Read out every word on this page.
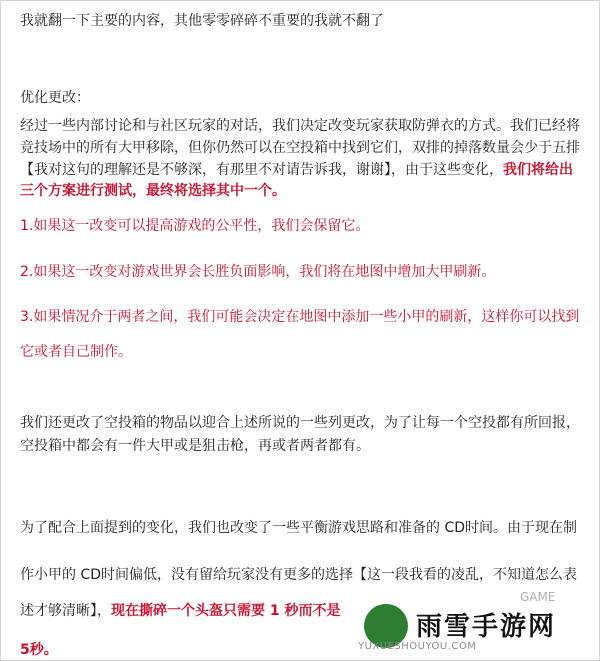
我就翻一下主要的内容，其他零零碎碎不重要的我就不翻了
优化更改：
经过一些内部讨论和与社区玩家的对话，我们决定改变玩家获取防弹衣的方式。我们已经将
竞技场中的所有大甲移除，但你仍然可以在空投箱中找到它们，双排的掉落数量会少于五排
【我对这句的理解还是不够深，有那里不对请告诉我，谢谢】，由于这些变化，我们将给出
三个方案进行测试，最终将选择其中一个。
1.如果这一改变可以提高游戏的公平性，我们会保留它。
2.如果这一改变对游戏世界会长胜负面影响，我们将在地图中增加大甲刷新。
3.如果情况介于两者之间，我们可能会决定在地图中添加一些小甲的刷新，这样你可以找到
它或者自己制作。
我们还更改了空投箱的物品以迎合上述所说的一些列更改，为了让每一个空投都有所回报，
空投箱中都会有一件大甲或是狙击枪，再或者两者都有。
为了配合上面提到的变化，我们也改变了一些平衡游戏思路和准备的 CD时间。由于现在制
作小甲的 CD时间偏低，没有留给玩家没有更多的选择【这一段我看的凌乱，不知道怎么表
述才够清晰】，现在撕碎一个头盔只需要 1 秒而不是
5秒。
GAME
雨雪手游网
YUXUESHOUYOU.COM
